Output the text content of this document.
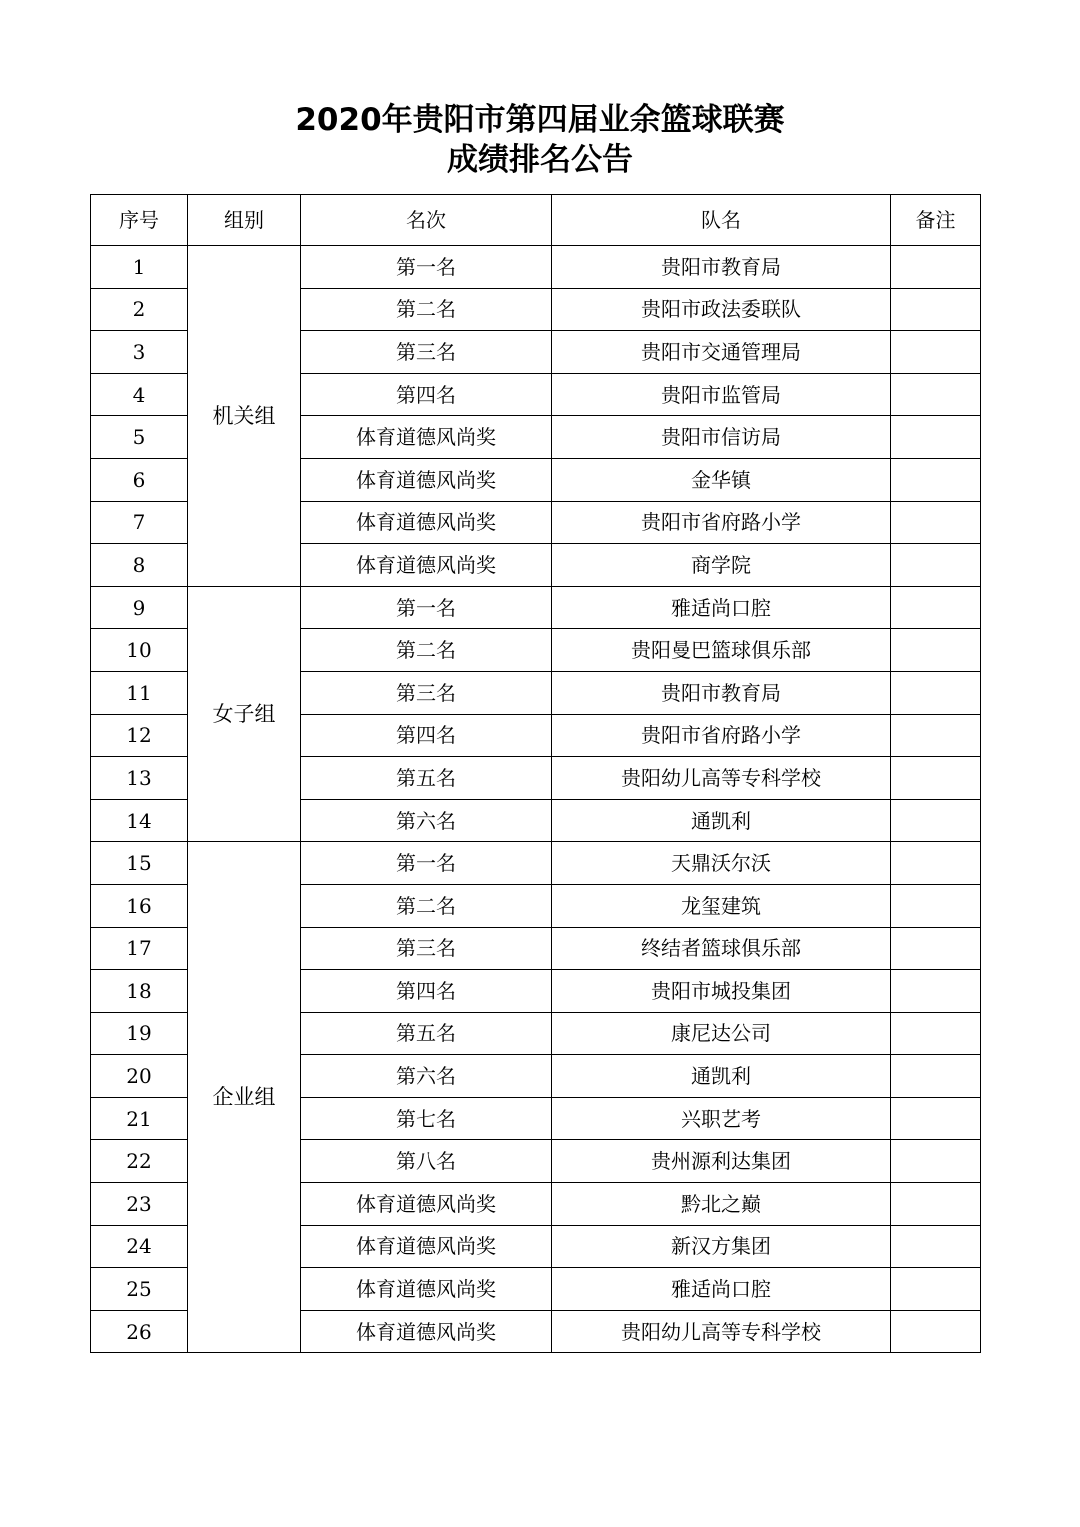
2020年贵阳市第四届业余篮球联赛
成绩排名公告
序号	组别	名次	队名	备注
1	机关组	第一名	贵阳市教育局	
2		第二名	贵阳市政法委联队	
3		第三名	贵阳市交通管理局	
4		第四名	贵阳市监管局	
5		体育道德风尚奖	贵阳市信访局	
6		体育道德风尚奖	金华镇	
7		体育道德风尚奖	贵阳市省府路小学	
8		体育道德风尚奖	商学院	
9	女子组	第一名	雅适尚口腔	
10		第二名	贵阳曼巴篮球俱乐部	
11		第三名	贵阳市教育局	
12		第四名	贵阳市省府路小学	
13		第五名	贵阳幼儿高等专科学校	
14		第六名	通凯利	
15	企业组	第一名	天鼎沃尔沃	
16		第二名	龙玺建筑	
17		第三名	终结者篮球俱乐部	
18		第四名	贵阳市城投集团	
19		第五名	康尼达公司	
20		第六名	通凯利	
21		第七名	兴职艺考	
22		第八名	贵州源利达集团	
23		体育道德风尚奖	黔北之巅	
24		体育道德风尚奖	新汉方集团	
25		体育道德风尚奖	雅适尚口腔	
26		体育道德风尚奖	贵阳幼儿高等专科学校	
